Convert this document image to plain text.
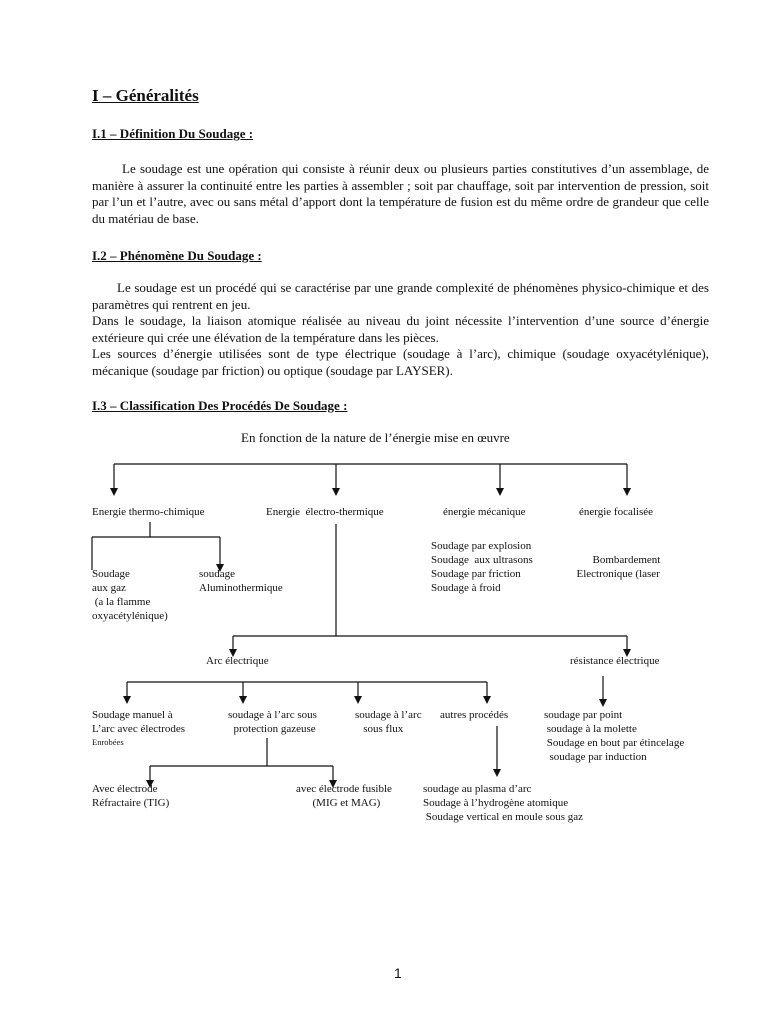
I – Généralités
I.1 – Définition Du Soudage :

Le soudage est une opération qui consiste à réunir deux ou plusieurs parties constitutives d’un assemblage, de manière à assurer la continuité entre les parties à assembler ; soit par chauffage, soit par intervention de pression, soit par l’un et l’autre, avec ou sans métal d’apport dont la température de fusion est du même ordre de grandeur que celle du matériau de base.

I.2 – Phénomène Du Soudage :

Le soudage est un procédé qui se caractérise par une grande complexité de phénomènes physico-chimique et des paramètres qui rentrent en jeu.

Dans le soudage, la liaison atomique réalisée au niveau du joint nécessite l’intervention d’une source d’énergie extérieure qui crée une élévation de la température dans les pièces.

Les sources d’énergie utilisées sont de type électrique (soudage à l’arc), chimique (soudage oxyacétylénique), mécanique (soudage par friction) ou optique (soudage par LAYSER).

I.3 – Classification Des Procédés De Soudage :
En fonction de la nature de l’énergie mise en œuvre
Energie thermo-chimique	Energie  électro-thermique	énergie mécanique	énergie focalisée
Soudage
aux gaz
(a la flamme
oxyacétylénique)
soudage
Aluminothermique
Soudage par explosion
Soudage  aux ultrasons
Soudage par friction
Soudage à froid

Bombardement
Electronique (laser

Arc électrique	résistance électrique
Soudage manuel à
L’arc avec électrodes
Enrobées
soudage à l’arc sous
protection gazeuse
soudage à l’arc
sous flux
autres procédés	soudage par point
soudage à la molette
Soudage en bout par étincelage
soudage par induction
Avec électrode
Réfractaire (TIG)
avec électrode fusible
(MIG et MAG)
soudage au plasma d’arc
Soudage à l’hydrogène atomique
Soudage vertical en moule sous gaz
1
